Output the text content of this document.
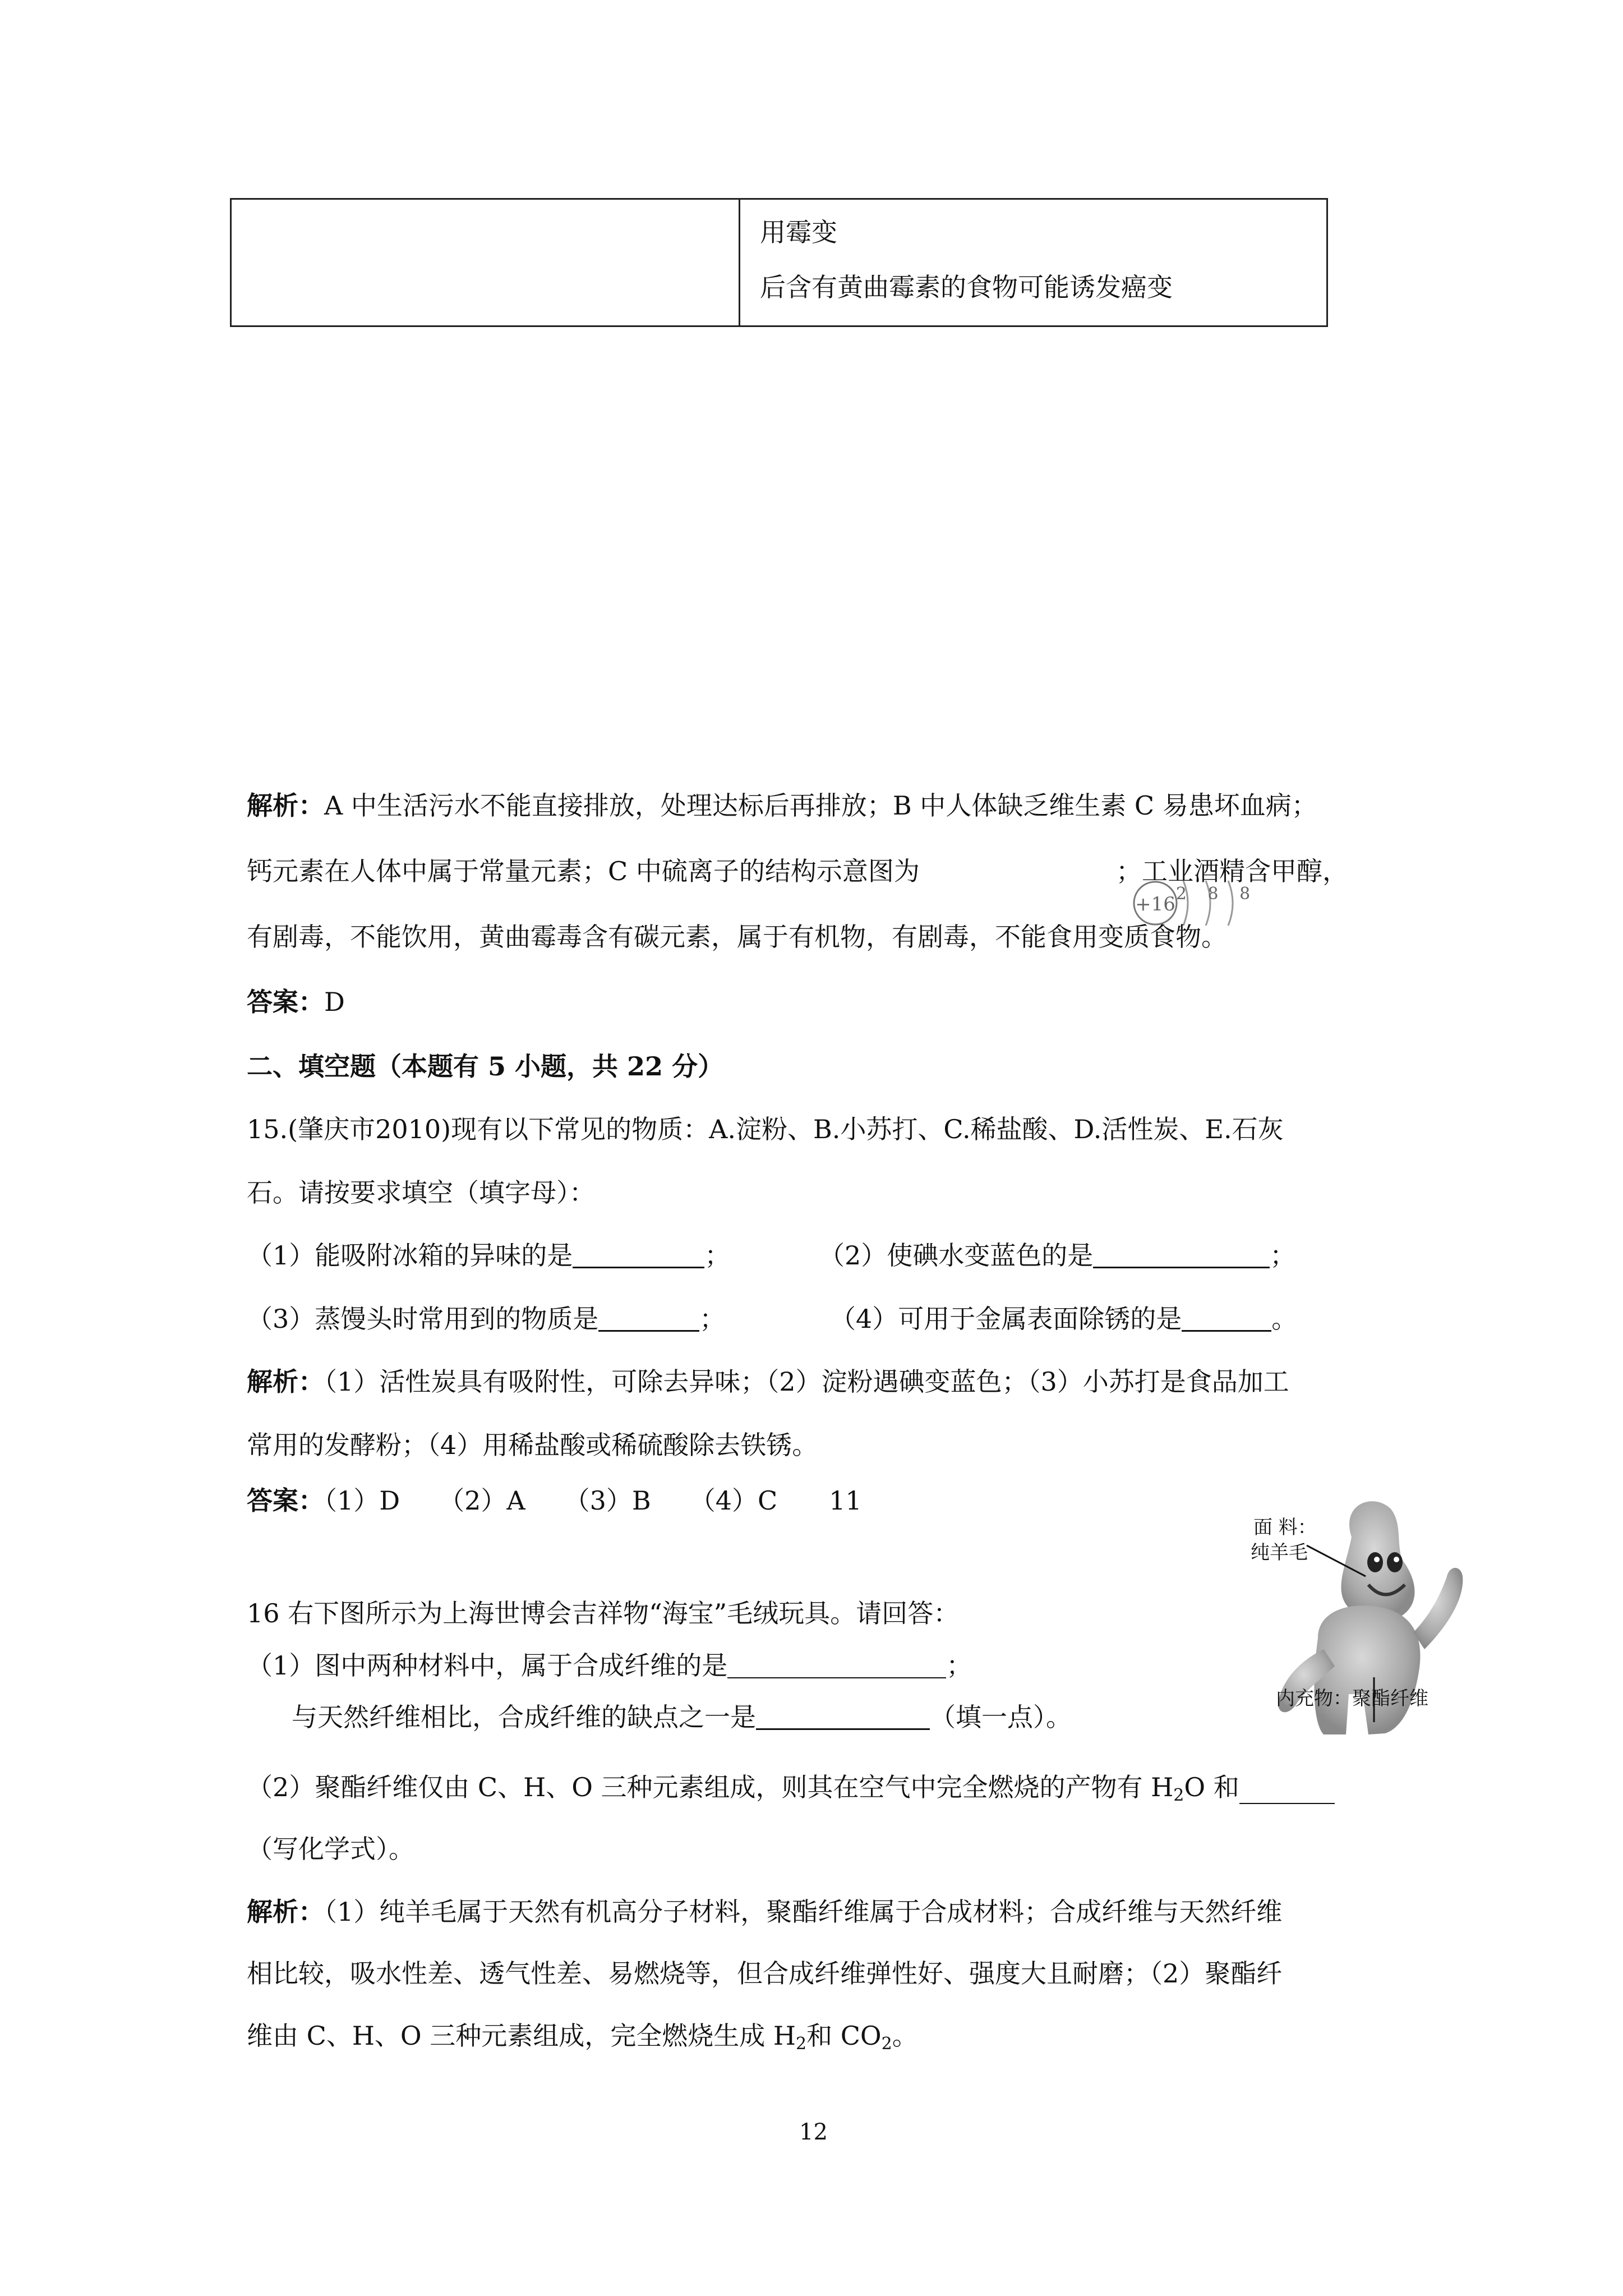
用霉变
后含有黄曲霉素的食物可能诱发癌变
解析：A 中生活污水不能直接排放，处理达标后再排放；B 中人体缺乏维生素 C 易患坏血病；
钙元素在人体中属于常量元素；C 中硫离子的结构示意图为	；工业酒精含甲醇，
+16 2 8 8
有剧毒，不能饮用，黄曲霉毒含有碳元素，属于有机物，有剧毒，不能食用变质食物。
答案：D
二、填空题（本题有 5 小题，共 22 分）
15.(肇庆市2010)现有以下常见的物质：A.淀粉、B.小苏打、C.稀盐酸、D.活性炭、E.石灰
石。请按要求填空（填字母）：
（1）能吸附冰箱的异味的是	；	（2）使碘水变蓝色的是	；
（3）蒸馒头时常用到的物质是	；	（4）可用于金属表面除锈的是	。
解析：（1）活性炭具有吸附性，可除去异味；（2）淀粉遇碘变蓝色；（3）小苏打是食品加工
常用的发酵粉；（4）用稀盐酸或稀硫酸除去铁锈。
答案：（1）D　　（2）A　　（3）B　　（4）C　　11
面 料：
纯羊毛
内充物：聚酯纤维
16 右下图所示为上海世博会吉祥物“海宝”毛绒玩具。请回答：
（1）图中两种材料中，属于合成纤维的是	；
与天然纤维相比，合成纤维的缺点之一是	（填一点）。
（2）聚酯纤维仅由 C、H、O 三种元素组成，则其在空气中完全燃烧的产物有 $H_2O$ 和
（写化学式）。
解析：（1）纯羊毛属于天然有机高分子材料，聚酯纤维属于合成材料；合成纤维与天然纤维
相比较，吸水性差、透气性差、易燃烧等，但合成纤维弹性好、强度大且耐磨；（2）聚酯纤
维由 C、H、O 三种元素组成，完全燃烧生成 $H_2$和 $CO_2$。
12
